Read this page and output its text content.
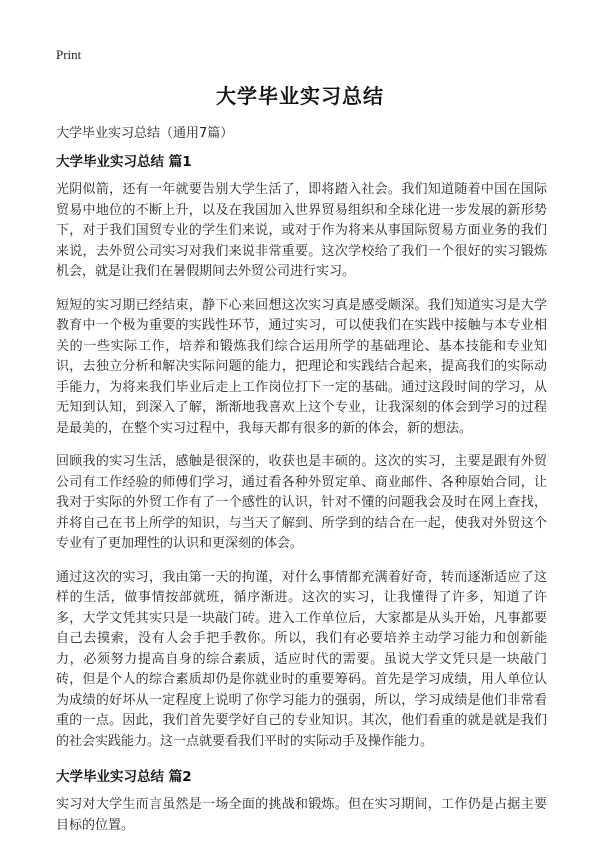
Print
大学毕业实习总结
大学毕业实习总结（通用7篇）
大学毕业实习总结 篇1

光阴似箭，还有一年就要告别大学生活了，即将踏入社会。我们知道随着中国在国际贸易中地位的不断上升，以及在我国加入世界贸易组织和全球化进一步发展的新形势下，对于我们国贸专业的学生们来说，或对于作为将来从事国际贸易方面业务的我们来说，去外贸公司实习对我们来说非常重要。这次学校给了我们一个很好的实习锻炼机会，就是让我们在暑假期间去外贸公司进行实习。

短短的实习期已经结束，静下心来回想这次实习真是感受颇深。我们知道实习是大学教育中一个极为重要的实践性环节，通过实习，可以使我们在实践中接触与本专业相关的一些实际工作，培养和锻炼我们综合运用所学的基础理论、基本技能和专业知识，去独立分析和解决实际问题的能力，把理论和实践结合起来，提高我们的实际动手能力，为将来我们毕业后走上工作岗位打下一定的基础。通过这段时间的学习，从无知到认知，到深入了解，渐渐地我喜欢上这个专业，让我深刻的体会到学习的过程是最美的，在整个实习过程中，我每天都有很多的新的体会，新的想法。

回顾我的实习生活，感触是很深的，收获也是丰硕的。这次的实习，主要是跟有外贸公司有工作经验的师傅们学习，通过看各种外贸定单、商业邮件、各种原始合同，让我对于实际的外贸工作有了一个感性的认识，针对不懂的问题我会及时在网上查找，并将自己在书上所学的知识，与当天了解到、所学到的结合在一起，使我对外贸这个专业有了更加理性的认识和更深刻的体会。

通过这次的实习，我由第一天的拘谨，对什么事情都充满着好奇，转而逐渐适应了这样的生活，做事情按部就班，循序渐进。这次的实习，让我懂得了许多，知道了许多，大学文凭其实只是一块敲门砖。进入工作单位后，大家都是从头开始，凡事都要自己去摸索，没有人会手把手教你。所以，我们有必要培养主动学习能力和创新能力，必须努力提高自身的综合素质，适应时代的需要。虽说大学文凭只是一块敲门砖，但是个人的综合素质却仍是你就业时的重要筹码。首先是学习成绩，用人单位认为成绩的好坏从一定程度上说明了你学习能力的强弱，所以，学习成绩是他们非常看重的一点。因此，我们首先要学好自己的专业知识。其次，他们看重的就是就是我们的社会实践能力。这一点就要看我们平时的实际动手及操作能力。

大学毕业实习总结 篇2

实习对大学生而言虽然是一场全面的挑战和锻炼。但在实习期间，工作仍是占据主要目标的位置。
